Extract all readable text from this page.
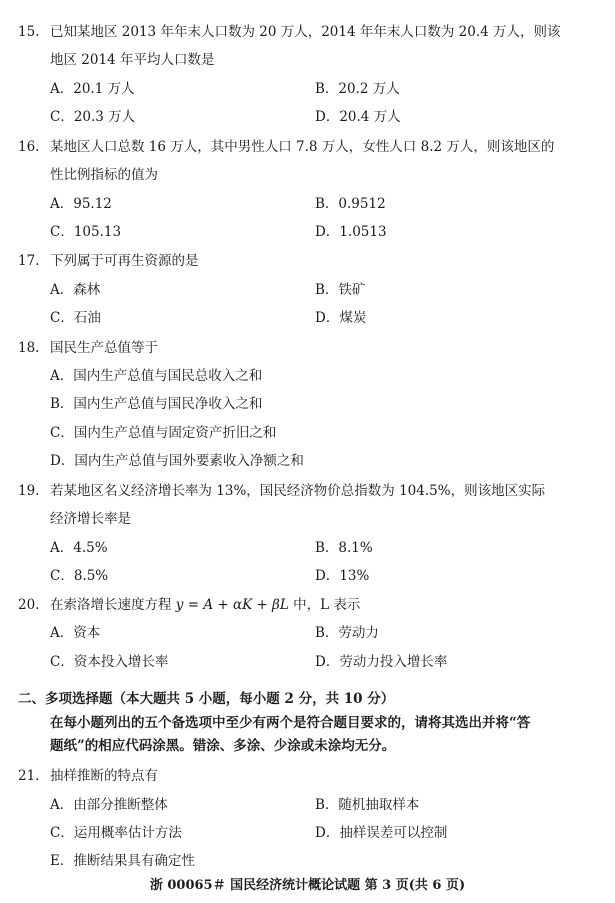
15. 已知某地区 2013 年年末人口数为 20 万人，2014 年年末人口数为 20.4 万人，则该
地区 2014 年平均人口数是
A．20.1 万人	B．20.2 万人
C．20.3 万人	D．20.4 万人
16. 某地区人口总数 16 万人，其中男性人口 7.8 万人，女性人口 8.2 万人，则该地区的
性比例指标的值为
A．95.12	B．0.9512
C．105.13	D．1.0513
17. 下列属于可再生资源的是
A．森林	B．铁矿
C．石油	D．煤炭
18. 国民生产总值等于
A．国内生产总值与国民总收入之和
B．国内生产总值与国民净收入之和
C．国内生产总值与固定资产折旧之和
D．国内生产总值与国外要素收入净额之和
19. 若某地区名义经济增长率为 13%，国民经济物价总指数为 104.5%，则该地区实际
经济增长率是
A．4.5%	B．8.1%
C．8.5%	D．13%
20. 在索洛增长速度方程 y = A + αK + βL 中，L 表示
A．资本	B．劳动力
C．资本投入增长率	D．劳动力投入增长率
二、多项选择题（本大题共 5 小题，每小题 2 分，共 10 分）
在每小题列出的五个备选项中至少有两个是符合题目要求的，请将其选出并将“答
题纸”的相应代码涂黑。错涂、多涂、少涂或未涂均无分。
21. 抽样推断的特点有
A．由部分推断整体	B．随机抽取样本
C．运用概率估计方法	D．抽样误差可以控制
E．推断结果具有确定性
浙 00065＃ 国民经济统计概论试题 第 3 页(共 6 页)
